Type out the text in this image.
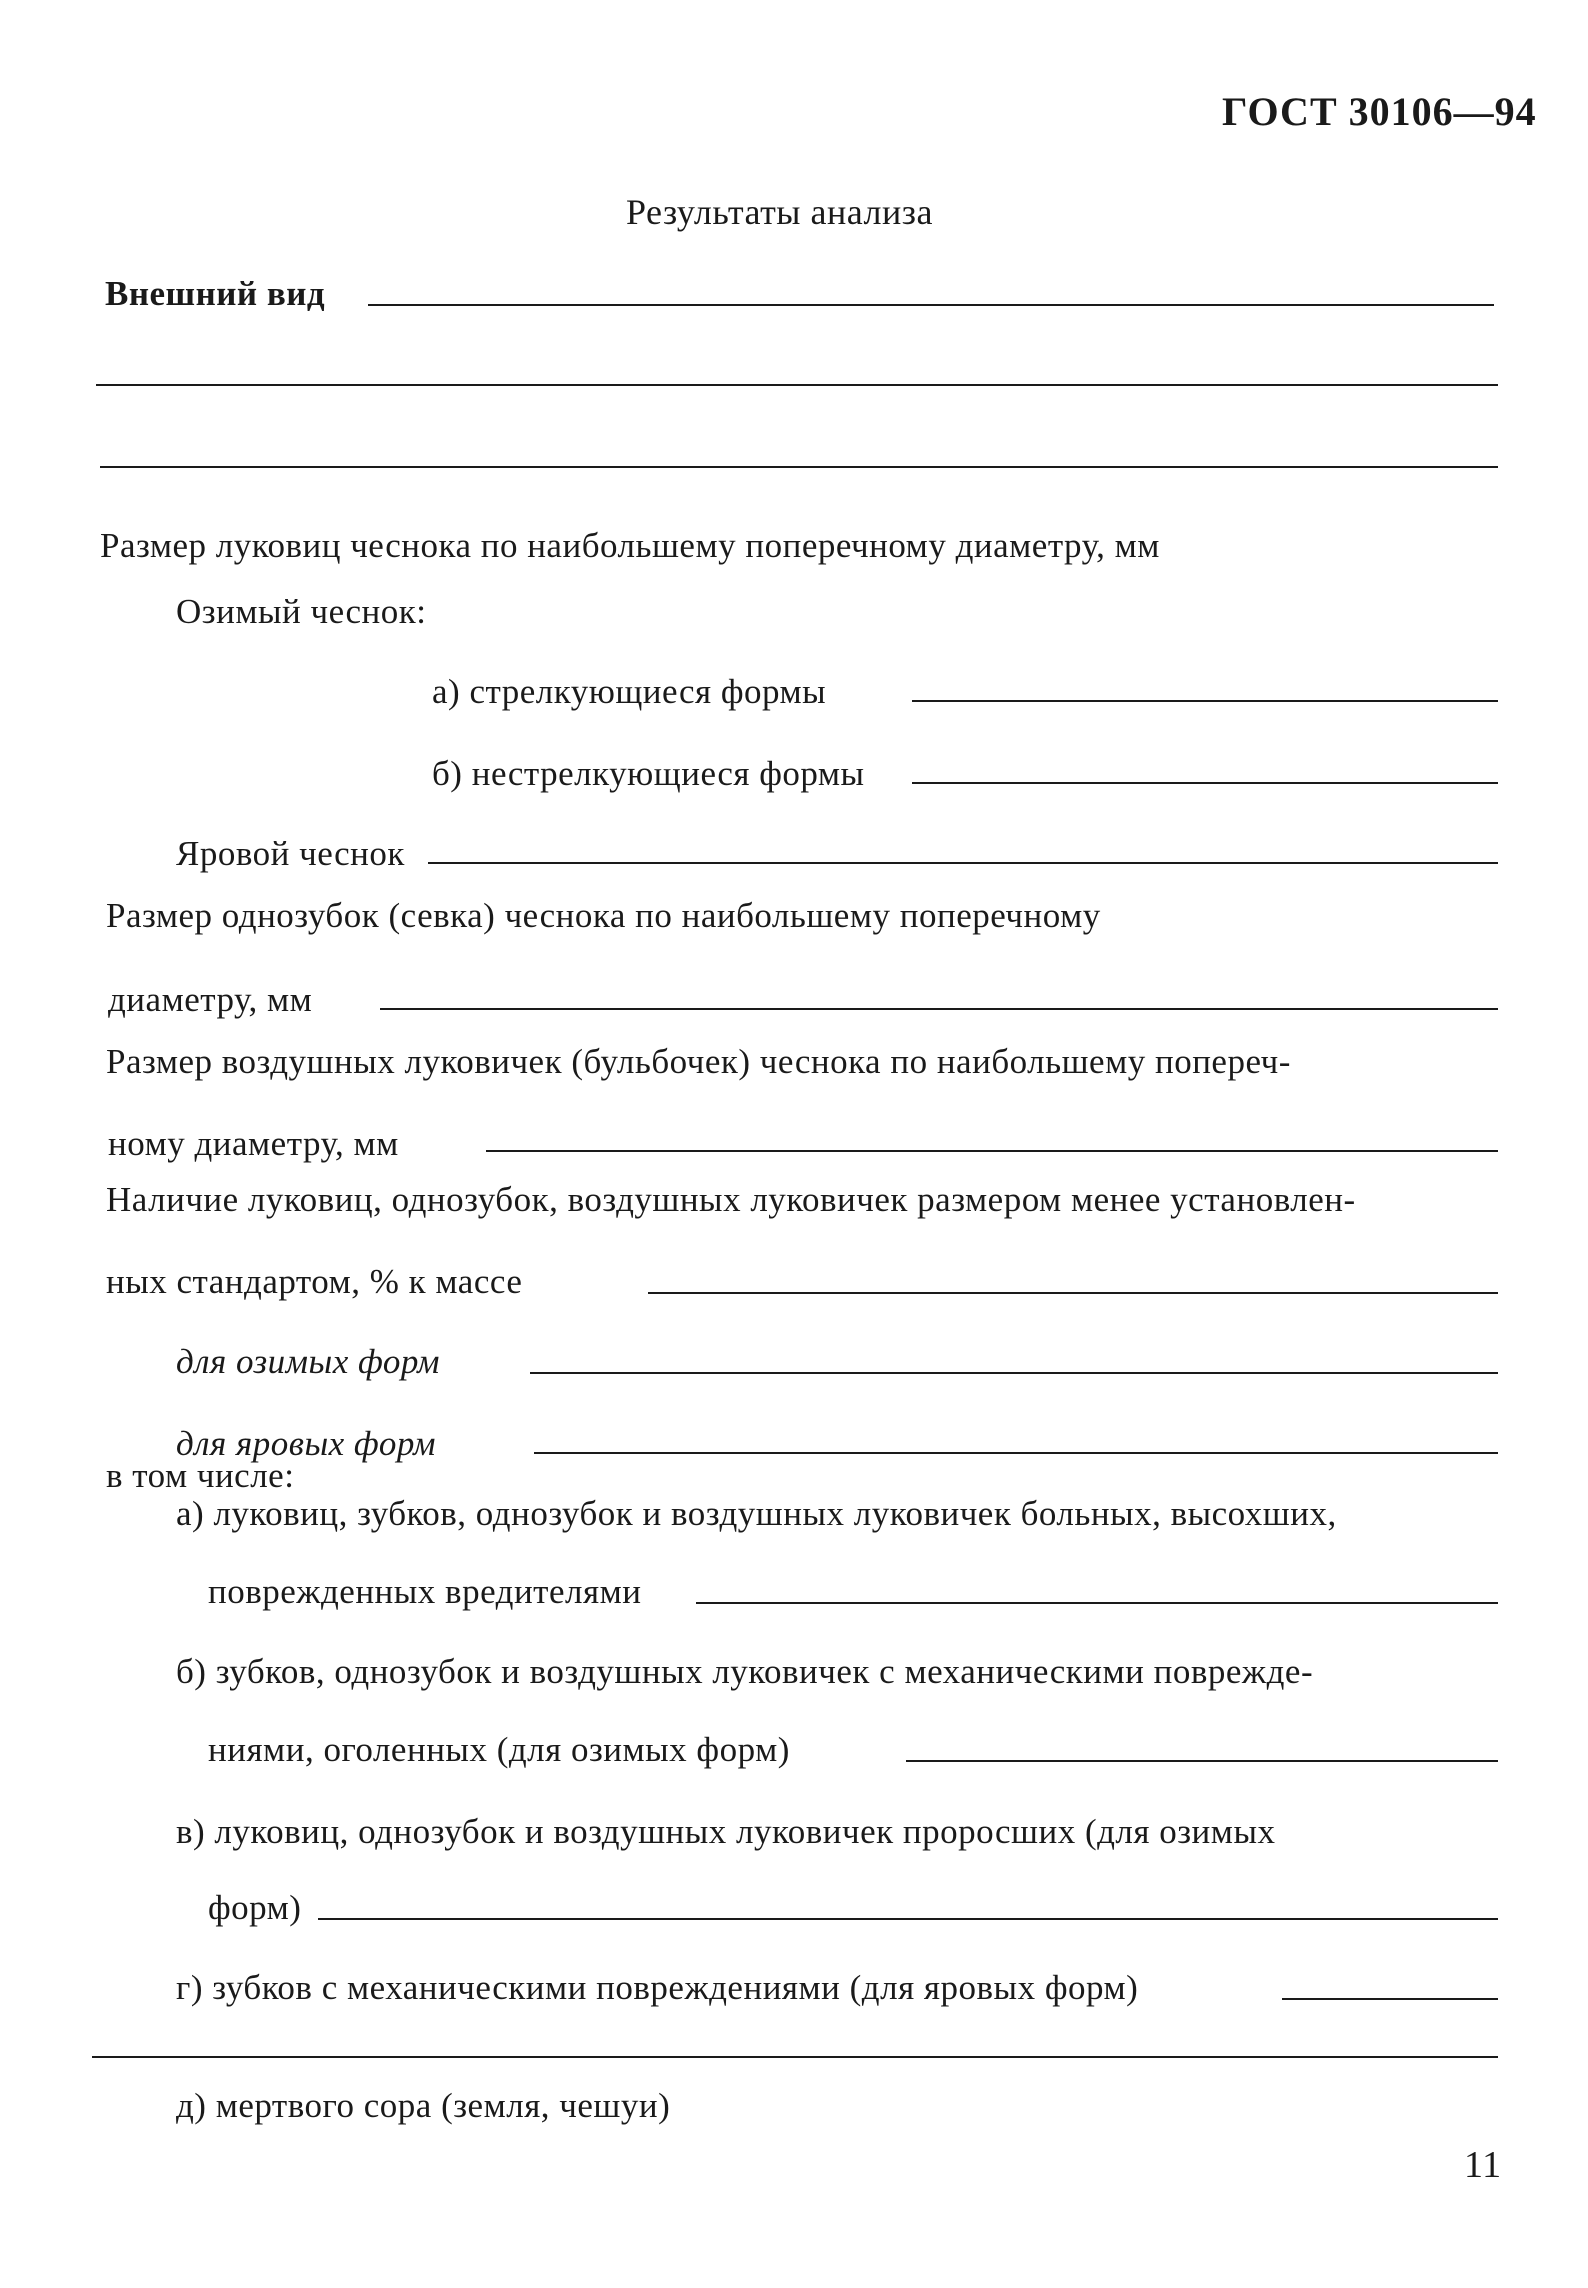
ГОСТ 30106—94
Результаты анализа
Внешний вид
Размер луковиц чеснока по наибольшему поперечному диаметру, мм
Озимый чеснок:
а) стрелкующиеся формы
б) нестрелкующиеся формы
Яровой чеснок
Размер однозубок (севка) чеснока по наибольшему поперечному
диаметру, мм
Размер воздушных луковичек (бульбочек) чеснока по наибольшему попереч-
ному диаметру, мм
Наличие луковиц, однозубок, воздушных луковичек размером менее установлен-
ных стандартом, % к массе
для озимых форм
для яровых форм
в том числе:
а) луковиц, зубков, однозубок и воздушных луковичек больных, высохших,
поврежденных вредителями
б) зубков, однозубок и воздушных луковичек с механическими поврежде-
ниями, оголенных (для озимых форм)
в) луковиц, однозубок и воздушных луковичек проросших (для озимых
форм)
г) зубков с механическими повреждениями (для яровых форм)
д) мертвого сора (земля, чешуи)
11
